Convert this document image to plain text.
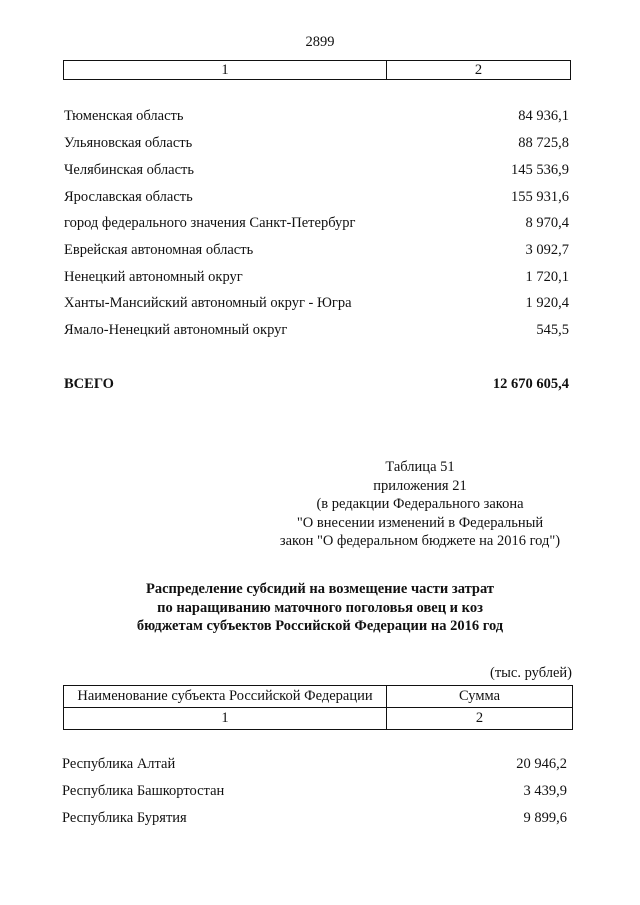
2899
1	2
Тюменская область	84 936,1
Ульяновская область	88 725,8
Челябинская область	145 536,9
Ярославская область	155 931,6
город федерального значения Санкт-Петербург	8 970,4
Еврейская автономная область	3 092,7
Ненецкий автономный округ	1 720,1
Ханты-Мансийский автономный округ - Югра	1 920,4
Ямало-Ненецкий автономный округ	545,5
ВСЕГО	12 670 605,4
Таблица 51
приложения 21
(в редакции Федерального закона
"О внесении изменений в Федеральный
закон "О федеральном бюджете на 2016 год")
Распределение субсидий на возмещение части затрат
по наращиванию маточного поголовья овец и коз
бюджетам субъектов Российской Федерации на 2016 год
(тыс. рублей)
Наименование субъекта Российской Федерации	Сумма
1	2
Республика Алтай	20 946,2
Республика Башкортостан	3 439,9
Республика Бурятия	9 899,6
